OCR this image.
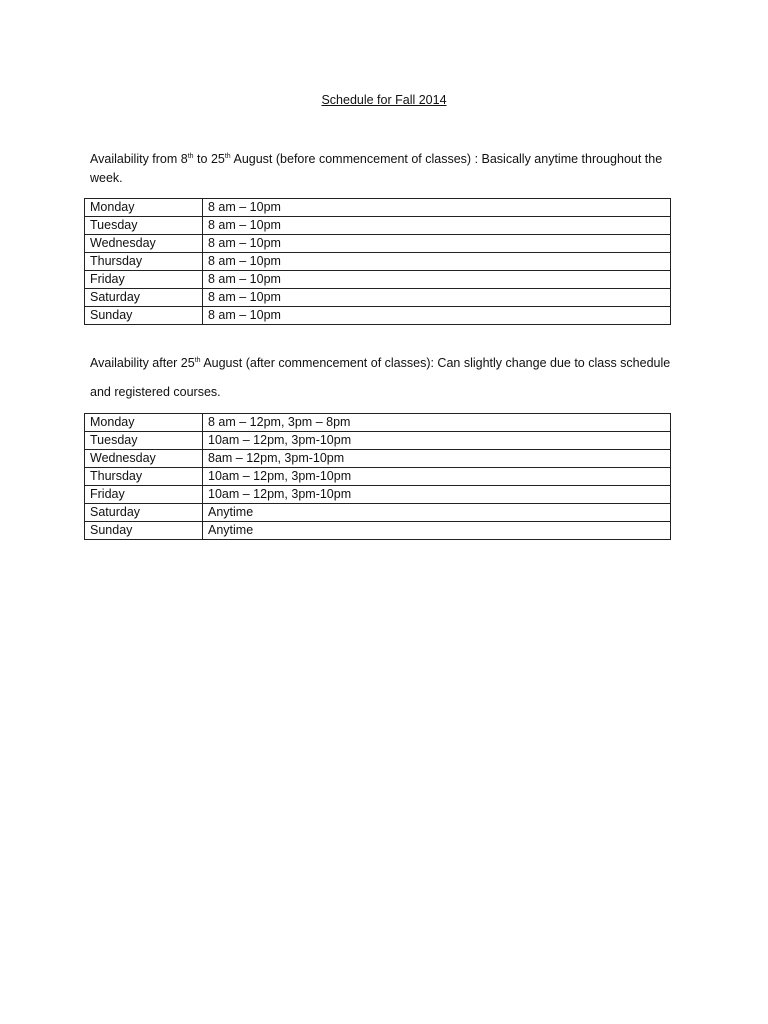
Schedule for Fall 2014
Availability from 8th to 25th August (before commencement of classes) : Basically anytime throughout the week.
Monday	8 am – 10pm
Tuesday	8 am – 10pm
Wednesday	8 am – 10pm
Thursday	8 am – 10pm
Friday	8 am – 10pm
Saturday	8 am – 10pm
Sunday	8 am – 10pm
Availability after 25th August (after commencement of classes): Can slightly change due to class schedule
and registered courses.
Monday	8 am – 12pm, 3pm – 8pm
Tuesday	10am – 12pm, 3pm-10pm
Wednesday	8am – 12pm, 3pm-10pm
Thursday	10am – 12pm, 3pm-10pm
Friday	10am – 12pm, 3pm-10pm
Saturday	Anytime
Sunday	Anytime
